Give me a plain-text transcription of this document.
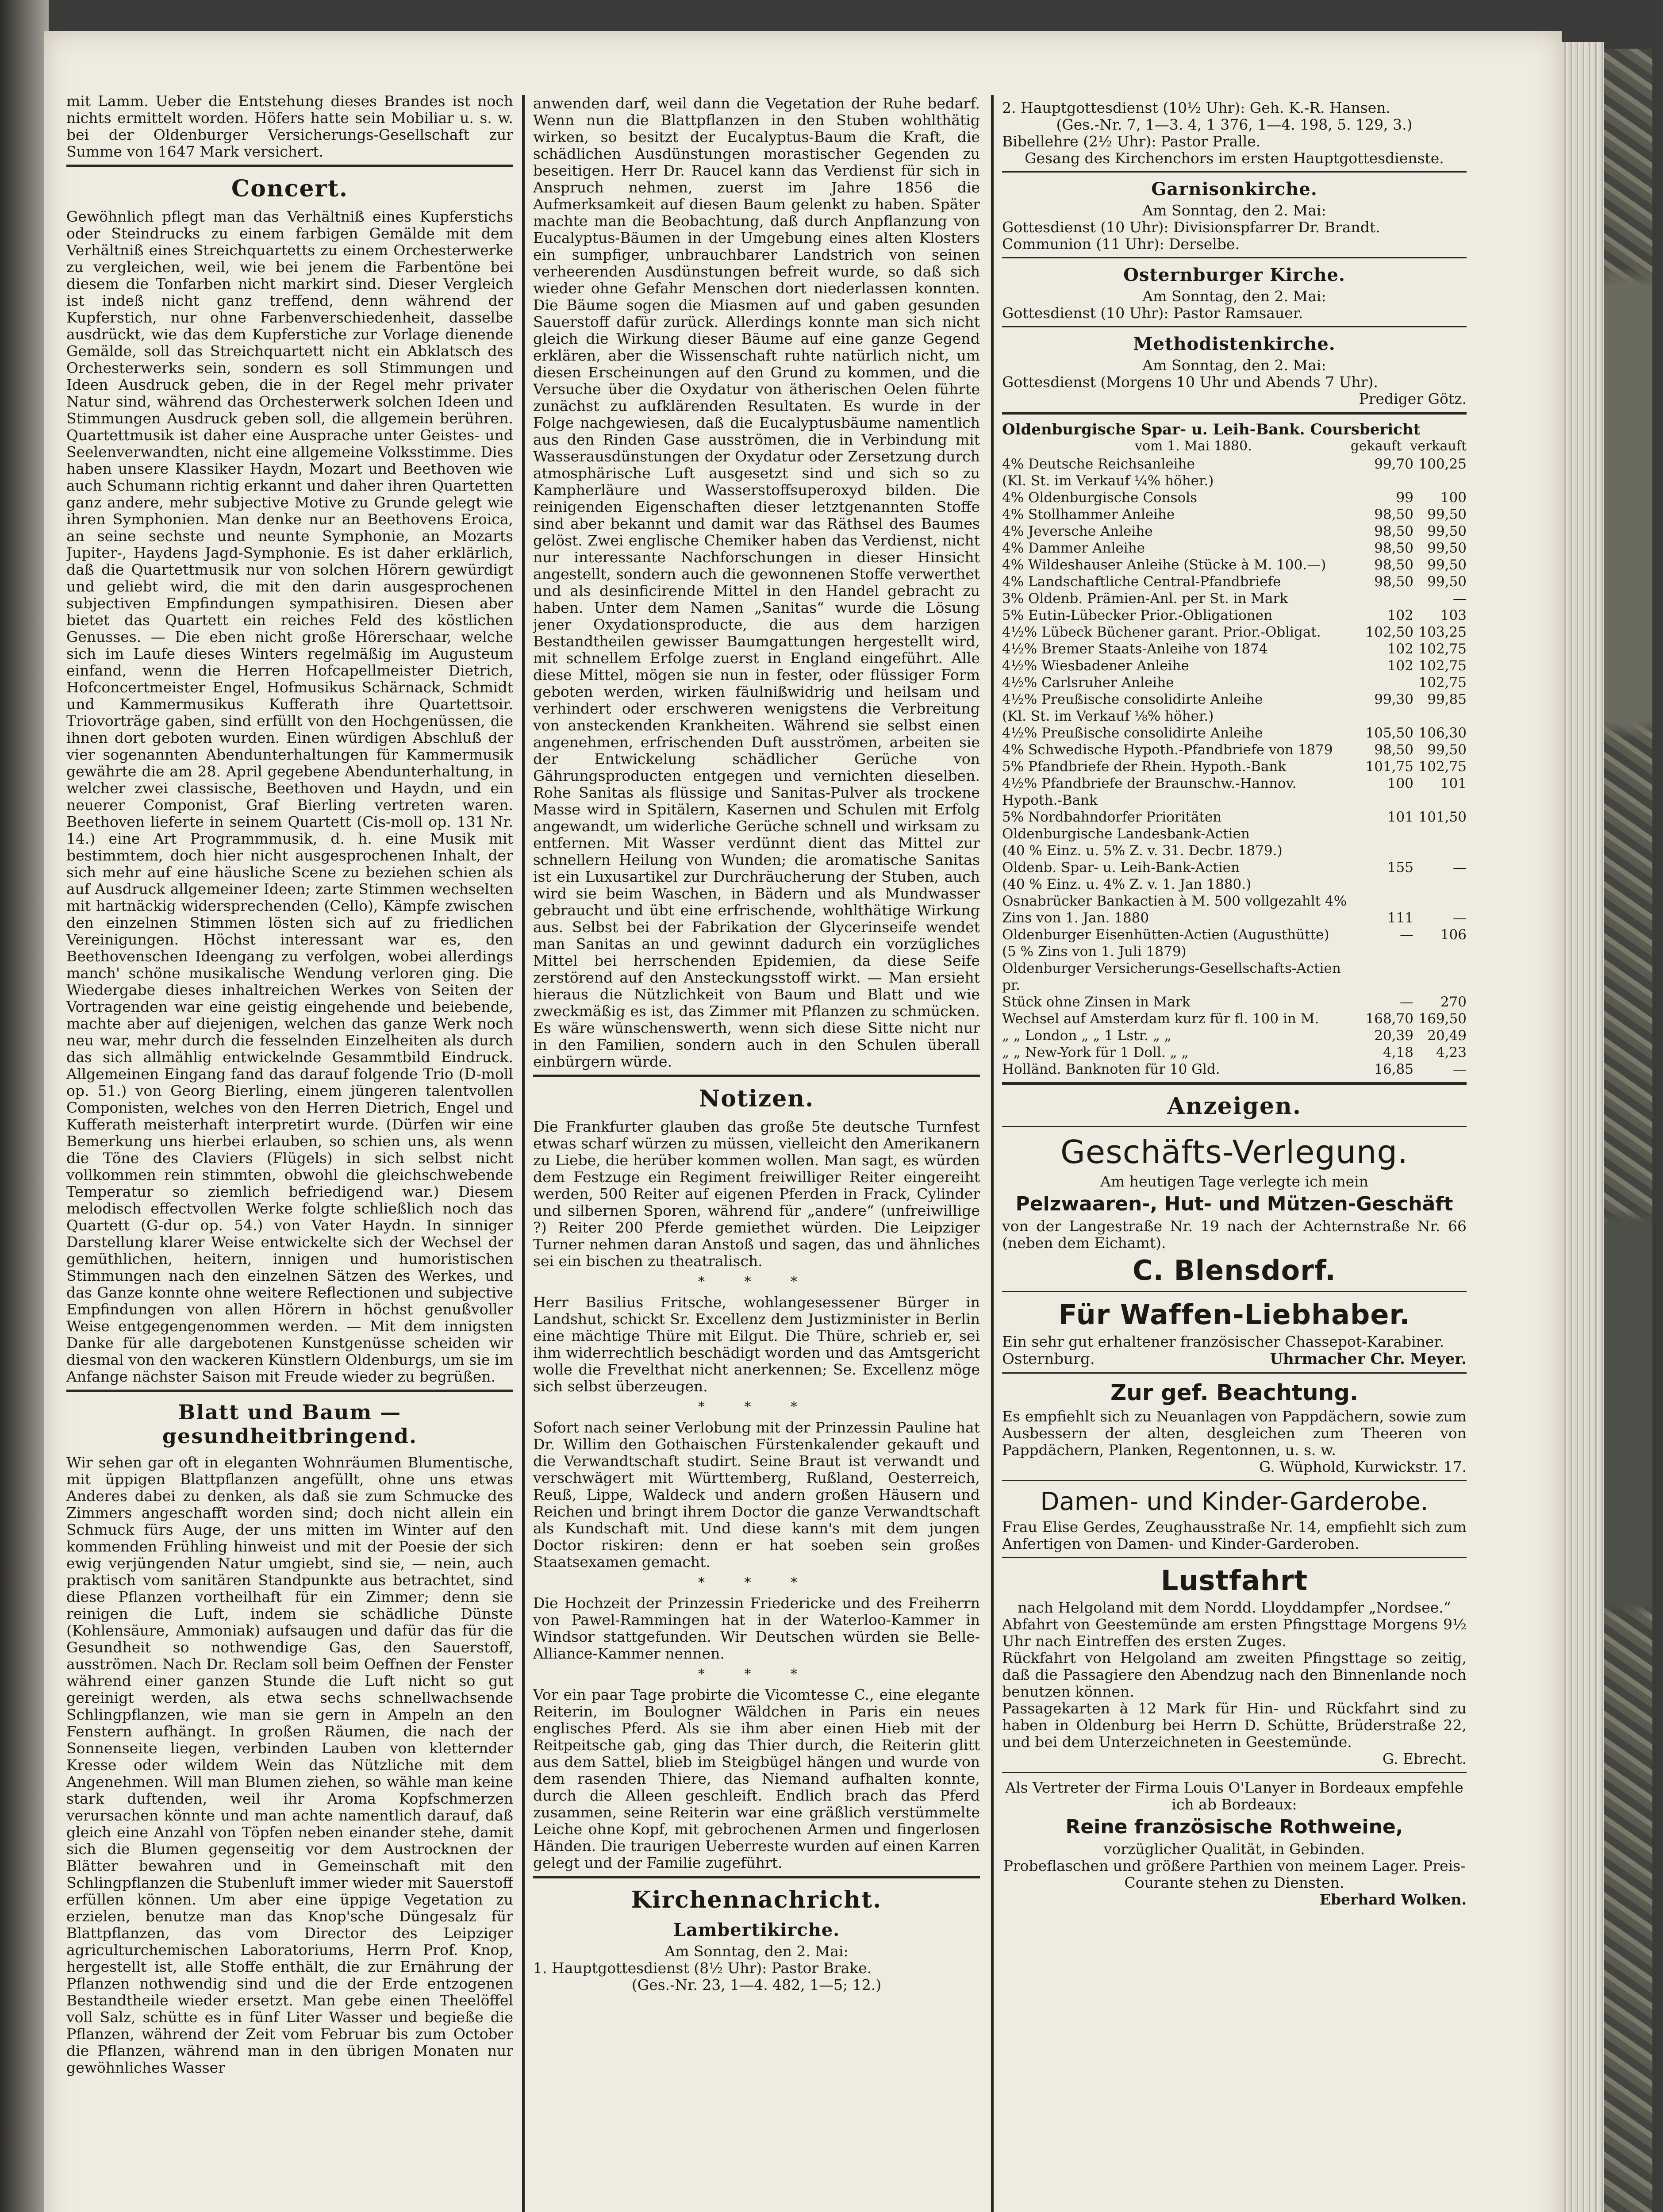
mit Lamm. Ueber die Entstehung dieses Brandes ist noch nichts ermittelt worden. Höfers hatte sein Mobiliar u. s. w. bei der Oldenburger Versicherungs-Gesellschaft zur Summe von 1647 Mark versichert.

Concert.

Gewöhnlich pflegt man das Verhältniß eines Kupferstichs oder Steindrucks zu einem farbigen Gemälde mit dem Verhältniß eines Streichquartetts zu einem Orchesterwerke zu vergleichen, weil, wie bei jenem die Farbentöne bei diesem die Tonfarben nicht markirt sind. Dieser Vergleich ist indeß nicht ganz treffend, denn während der Kupferstich, nur ohne Farbenverschiedenheit, dasselbe ausdrückt, wie das dem Kupferstiche zur Vorlage dienende Gemälde, soll das Streichquartett nicht ein Abklatsch des Orchesterwerks sein, sondern es soll Stimmungen und Ideen Ausdruck geben, die in der Regel mehr privater Natur sind, während das Orchesterwerk solchen Ideen und Stimmungen Ausdruck geben soll, die allgemein berühren. Quartettmusik ist daher eine Ausprache unter Geistes- und Seelenverwandten, nicht eine allgemeine Volksstimme. Dies haben unsere Klassiker Haydn, Mozart und Beethoven wie auch Schumann richtig erkannt und daher ihren Quartetten ganz andere, mehr subjective Motive zu Grunde gelegt wie ihren Symphonien. Man denke nur an Beethovens Eroica, an seine sechste und neunte Symphonie, an Mozarts Jupiter-, Haydens Jagd-Symphonie. Es ist daher erklärlich, daß die Quartettmusik nur von solchen Hörern gewürdigt und geliebt wird, die mit den darin ausgesprochenen subjectiven Empfindungen sympathisiren. Diesen aber bietet das Quartett ein reiches Feld des köstlichen Genusses. — Die eben nicht große Hörerschaar, welche sich im Laufe dieses Winters regelmäßig im Augusteum einfand, wenn die Herren Hofcapellmeister Dietrich, Hofconcertmeister Engel, Hofmusikus Schärnack, Schmidt und Kammermusikus Kufferath ihre Quartettsoir. Triovorträge gaben, sind erfüllt von den Hochgenüssen, die ihnen dort geboten wurden. Einen würdigen Abschluß der vier sogenannten Abendunterhaltungen für Kammermusik gewährte die am 28. April gegebene Abendunterhaltung, in welcher zwei classische, Beethoven und Haydn, und ein neuerer Componist, Graf Bierling vertreten waren. Beethoven lieferte in seinem Quartett (Cis-moll op. 131 Nr. 14.) eine Art Programmmusik, d. h. eine Musik mit bestimmtem, doch hier nicht ausgesprochenen Inhalt, der sich mehr auf eine häusliche Scene zu beziehen schien als auf Ausdruck allgemeiner Ideen; zarte Stimmen wechselten mit hartnäckig widersprechenden (Cello), Kämpfe zwischen den einzelnen Stimmen lösten sich auf zu friedlichen Vereinigungen. Höchst interessant war es, den Beethovenschen Ideengang zu verfolgen, wobei allerdings manch' schöne musikalische Wendung verloren ging. Die Wiedergabe dieses inhaltreichen Werkes von Seiten der Vortragenden war eine geistig eingehende und beiebende, machte aber auf diejenigen, welchen das ganze Werk noch neu war, mehr durch die fesselnden Einzelheiten als durch das sich allmählig entwickelnde Gesammtbild Eindruck. Allgemeinen Eingang fand das darauf folgende Trio (D-moll op. 51.) von Georg Bierling, einem jüngeren talentvollen Componisten, welches von den Herren Dietrich, Engel und Kufferath meisterhaft interpretirt wurde. (Dürfen wir eine Bemerkung uns hierbei erlauben, so schien uns, als wenn die Töne des Claviers (Flügels) in sich selbst nicht vollkommen rein stimmten, obwohl die gleichschwebende Temperatur so ziemlich befriedigend war.) Diesem melodisch effectvollen Werke folgte schließlich noch das Quartett (G-dur op. 54.) von Vater Haydn. In sinniger Darstellung klarer Weise entwickelte sich der Wechsel der gemüthlichen, heitern, innigen und humoristischen Stimmungen nach den einzelnen Sätzen des Werkes, und das Ganze konnte ohne weitere Reflectionen und subjective Empfindungen von allen Hörern in höchst genußvoller Weise entgegengenommen werden. — Mit dem innigsten Danke für alle dargebotenen Kunstgenüsse scheiden wir diesmal von den wackeren Künstlern Oldenburgs, um sie im Anfange nächster Saison mit Freude wieder zu begrüßen.

Blatt und Baum — gesundheitbringend.

Wir sehen gar oft in eleganten Wohnräumen Blumentische, mit üppigen Blattpflanzen angefüllt, ohne uns etwas Anderes dabei zu denken, als daß sie zum Schmucke des Zimmers angeschafft worden sind; doch nicht allein ein Schmuck fürs Auge, der uns mitten im Winter auf den kommenden Frühling hinweist und mit der Poesie der sich ewig verjüngenden Natur umgiebt, sind sie, — nein, auch praktisch vom sanitären Standpunkte aus betrachtet, sind diese Pflanzen vortheilhaft für ein Zimmer; denn sie reinigen die Luft, indem sie schädliche Dünste (Kohlensäure, Ammoniak) aufsaugen und dafür das für die Gesundheit so nothwendige Gas, den Sauerstoff, ausströmen. Nach Dr. Reclam soll beim Oeffnen der Fenster während einer ganzen Stunde die Luft nicht so gut gereinigt werden, als etwa sechs schnellwachsende Schlingpflanzen, wie man sie gern in Ampeln an den Fenstern aufhängt. In großen Räumen, die nach der Sonnenseite liegen, verbinden Lauben von kletternder Kresse oder wildem Wein das Nützliche mit dem Angenehmen. Will man Blumen ziehen, so wähle man keine stark duftenden, weil ihr Aroma Kopfschmerzen verursachen könnte und man achte namentlich darauf, daß gleich eine Anzahl von Töpfen neben einander stehe, damit sich die Blumen gegenseitig vor dem Austrocknen der Blätter bewahren und in Gemeinschaft mit den Schlingpflanzen die Stubenluft immer wieder mit Sauerstoff erfüllen können. Um aber eine üppige Vegetation zu erzielen, benutze man das Knop'sche Düngesalz für Blattpflanzen, das vom Director des Leipziger agriculturchemischen Laboratoriums, Herrn Prof. Knop, hergestellt ist, alle Stoffe enthält, die zur Ernährung der Pflanzen nothwendig sind und die der Erde entzogenen Bestandtheile wieder ersetzt. Man gebe einen Theelöffel voll Salz, schütte es in fünf Liter Wasser und begieße die Pflanzen, während der Zeit vom Februar bis zum October die Pflanzen, während man in den übrigen Monaten nur gewöhnliches Wasser

anwenden darf, weil dann die Vegetation der Ruhe bedarf. Wenn nun die Blattpflanzen in den Stuben wohlthätig wirken, so besitzt der Eucalyptus-Baum die Kraft, die schädlichen Ausdünstungen morastischer Gegenden zu beseitigen. Herr Dr. Raucel kann das Verdienst für sich in Anspruch nehmen, zuerst im Jahre 1856 die Aufmerksamkeit auf diesen Baum gelenkt zu haben. Später machte man die Beobachtung, daß durch Anpflanzung von Eucalyptus-Bäumen in der Umgebung eines alten Klosters ein sumpfiger, unbrauchbarer Landstrich von seinen verheerenden Ausdünstungen befreit wurde, so daß sich wieder ohne Gefahr Menschen dort niederlassen konnten. Die Bäume sogen die Miasmen auf und gaben gesunden Sauerstoff dafür zurück. Allerdings konnte man sich nicht gleich die Wirkung dieser Bäume auf eine ganze Gegend erklären, aber die Wissenschaft ruhte natürlich nicht, um diesen Erscheinungen auf den Grund zu kommen, und die Versuche über die Oxydatur von ätherischen Oelen führte zunächst zu aufklärenden Resultaten. Es wurde in der Folge nachgewiesen, daß die Eucalyptusbäume namentlich aus den Rinden Gase ausströmen, die in Verbindung mit Wasserausdünstungen der Oxydatur oder Zersetzung durch atmosphärische Luft ausgesetzt sind und sich so zu Kampherläure und Wasserstoffsuperoxyd bilden. Die reinigenden Eigenschaften dieser letztgenannten Stoffe sind aber bekannt und damit war das Räthsel des Baumes gelöst. Zwei englische Chemiker haben das Verdienst, nicht nur interessante Nachforschungen in dieser Hinsicht angestellt, sondern auch die gewonnenen Stoffe verwerthet und als desinficirende Mittel in den Handel gebracht zu haben. Unter dem Namen „Sanitas“ wurde die Lösung jener Oxydationsproducte, die aus dem harzigen Bestandtheilen gewisser Baumgattungen hergestellt wird, mit schnellem Erfolge zuerst in England eingeführt. Alle diese Mittel, mögen sie nun in fester, oder flüssiger Form geboten werden, wirken fäulnißwidrig und heilsam und verhindert oder erschweren wenigstens die Verbreitung von ansteckenden Krankheiten. Während sie selbst einen angenehmen, erfrischenden Duft ausströmen, arbeiten sie der Entwickelung schädlicher Gerüche von Gährungsproducten entgegen und vernichten dieselben. Rohe Sanitas als flüssige und Sanitas-Pulver als trockene Masse wird in Spitälern, Kasernen und Schulen mit Erfolg angewandt, um widerliche Gerüche schnell und wirksam zu entfernen. Mit Wasser verdünnt dient das Mittel zur schnellern Heilung von Wunden; die aromatische Sanitas ist ein Luxusartikel zur Durchräucherung der Stuben, auch wird sie beim Waschen, in Bädern und als Mundwasser gebraucht und übt eine erfrischende, wohlthätige Wirkung aus. Selbst bei der Fabrikation der Glycerinseife wendet man Sanitas an und gewinnt dadurch ein vorzügliches Mittel bei herrschenden Epidemien, da diese Seife zerstörend auf den Ansteckungsstoff wirkt. — Man ersieht hieraus die Nützlichkeit von Baum und Blatt und wie zweckmäßig es ist, das Zimmer mit Pflanzen zu schmücken. Es wäre wünschenswerth, wenn sich diese Sitte nicht nur in den Familien, sondern auch in den Schulen überall einbürgern würde.

Notizen.

Die Frankfurter glauben das große 5te deutsche Turnfest etwas scharf würzen zu müssen, vielleicht den Amerikanern zu Liebe, die herüber kommen wollen. Man sagt, es würden dem Festzuge ein Regiment freiwilliger Reiter eingereiht werden, 500 Reiter auf eigenen Pferden in Frack, Cylinder und silbernen Sporen, während für „andere“ (unfreiwillige ?) Reiter 200 Pferde gemiethet würden. Die Leipziger Turner nehmen daran Anstoß und sagen, das und ähnliches sei ein bischen zu theatralisch.

* * *

Herr Basilius Fritsche, wohlangesessener Bürger in Landshut, schickt Sr. Excellenz dem Justizminister in Berlin eine mächtige Thüre mit Eilgut. Die Thüre, schrieb er, sei ihm widerrechtlich beschädigt worden und das Amtsgericht wolle die Frevelthat nicht anerkennen; Se. Excellenz möge sich selbst überzeugen.

* * *

Sofort nach seiner Verlobung mit der Prinzessin Pauline hat Dr. Willim den Gothaischen Fürstenkalender gekauft und die Verwandtschaft studirt. Seine Braut ist verwandt und verschwägert mit Württemberg, Rußland, Oesterreich, Reuß, Lippe, Waldeck und andern großen Häusern und Reichen und bringt ihrem Doctor die ganze Verwandtschaft als Kundschaft mit. Und diese kann's mit dem jungen Doctor riskiren: denn er hat soeben sein großes Staatsexamen gemacht.

* * *

Die Hochzeit der Prinzessin Friedericke und des Freiherrn von Pawel-Rammingen hat in der Waterloo-Kammer in Windsor stattgefunden. Wir Deutschen würden sie Belle-Alliance-Kammer nennen.

* * *

Vor ein paar Tage probirte die Vicomtesse C., eine elegante Reiterin, im Boulogner Wäldchen in Paris ein neues englisches Pferd. Als sie ihm aber einen Hieb mit der Reitpeitsche gab, ging das Thier durch, die Reiterin glitt aus dem Sattel, blieb im Steigbügel hängen und wurde von dem rasenden Thiere, das Niemand aufhalten konnte, durch die Alleen geschleift. Endlich brach das Pferd zusammen, seine Reiterin war eine gräßlich verstümmelte Leiche ohne Kopf, mit gebrochenen Armen und fingerlosen Händen. Die traurigen Ueberreste wurden auf einen Karren gelegt und der Familie zugeführt.

Kirchennachricht.
Lambertikirche.

Am Sonntag, den 2. Mai:

1. Hauptgottesdienst (8½ Uhr): Pastor Brake.

(Ges.-Nr. 23, 1—4. 482, 1—5; 12.)

2. Hauptgottesdienst (10½ Uhr): Geh. K.-R. Hansen.

(Ges.-Nr. 7, 1—3. 4, 1 376, 1—4. 198, 5. 129, 3.)

Bibellehre (2½ Uhr): Pastor Pralle.

Gesang des Kirchenchors im ersten Hauptgottesdienste.

Garnisonkirche.

Am Sonntag, den 2. Mai:

Gottesdienst (10 Uhr): Divisionspfarrer Dr. Brandt.

Communion (11 Uhr): Derselbe.

Osternburger Kirche.

Am Sonntag, den 2. Mai:

Gottesdienst (10 Uhr): Pastor Ramsauer.

Methodistenkirche.

Am Sonntag, den 2. Mai:

Gottesdienst (Morgens 10 Uhr und Abends 7 Uhr).

Prediger Götz.

Oldenburgische Spar- u. Leih-Bank. Coursbericht
vom 1. Mai 1880.	gekauft verkauft
4% Deutsche Reichsanleihe	99,70	100,25
(Kl. St. im Verkauf ¼% höher.)		
4% Oldenburgische Consols	99	100
4% Stollhammer Anleihe	98,50	99,50
4% Jeversche Anleihe	98,50	99,50
4% Dammer Anleihe	98,50	99,50
4% Wildeshauser Anleihe (Stücke à M. 100.—)	98,50	99,50
4% Landschaftliche Central-Pfandbriefe	98,50	99,50
3% Oldenb. Prämien-Anl. per St. in Mark		—
5% Eutin-Lübecker Prior.-Obligationen	102	103
4½% Lübeck Büchener garant. Prior.-Obligat.	102,50	103,25
4½% Bremer Staats-Anleihe von 1874	102	102,75
4½% Wiesbadener Anleihe	102	102,75
4½% Carlsruher Anleihe		102,75
4½% Preußische consolidirte Anleihe	99,30	99,85
(Kl. St. im Verkauf ⅛% höher.)		
4½% Preußische consolidirte Anleihe	105,50	106,30
4% Schwedische Hypoth.-Pfandbriefe von 1879	98,50	99,50
5% Pfandbriefe der Rhein. Hypoth.-Bank	101,75	102,75
4½% Pfandbriefe der Braunschw.-Hannov. Hypoth.-Bank	100	101
5% Nordbahndorfer Prioritäten	101	101,50
Oldenburgische Landesbank-Actien		
(40 % Einz. u. 5% Z. v. 31. Decbr. 1879.)		
Oldenb. Spar- u. Leih-Bank-Actien	155	—
(40 % Einz. u. 4% Z. v. 1. Jan 1880.)		
Osnabrücker Bankactien à M. 500 vollgezahlt 4%		
Zins von 1. Jan. 1880	111	—
Oldenburger Eisenhütten-Actien (Augusthütte)	—	106
(5 % Zins von 1. Juli 1879)		
Oldenburger Versicherungs-Gesellschafts-Actien pr.		
Stück ohne Zinsen in Mark	—	270
Wechsel auf Amsterdam kurz für fl. 100 in M.	168,70	169,50
„ „ London „ „ 1 Lstr. „ „	20,39	20,49
„ „ New-York für 1 Doll. „ „	4,18	4,23
Holländ. Banknoten für 10 Gld.	16,85	—
Anzeigen.
Geschäfts-Verlegung.

Am heutigen Tage verlegte ich mein

Pelzwaaren-, Hut- und Mützen-Geschäft

von der Langestraße Nr. 19 nach der Achternstraße Nr. 66 (neben dem Eichamt).

C. Blensdorf.
Für Waffen-Liebhaber.

Ein sehr gut erhaltener französischer Chassepot-Karabiner.

Osternburg.	Uhrmacher Chr. Meyer.
Zur gef. Beachtung.

Es empfiehlt sich zu Neuanlagen von Pappdächern, sowie zum Ausbessern der alten, desgleichen zum Theeren von Pappdächern, Planken, Regentonnen, u. s. w.

G. Wüphold, Kurwickstr. 17.

Damen- und Kinder-Garderobe.

Frau Elise Gerdes, Zeughausstraße Nr. 14, empfiehlt sich zum Anfertigen von Damen- und Kinder-Garderoben.

Lustfahrt

nach Helgoland mit dem Nordd. Lloyddampfer „Nordsee.“

Abfahrt von Geestemünde am ersten Pfingsttage Morgens 9½ Uhr nach Eintreffen des ersten Zuges.

Rückfahrt von Helgoland am zweiten Pfingsttage so zeitig, daß die Passagiere den Abendzug nach den Binnenlande noch benutzen können.

Passagekarten à 12 Mark für Hin- und Rückfahrt sind zu haben in Oldenburg bei Herrn D. Schütte, Brüderstraße 22, und bei dem Unterzeichneten in Geestemünde.

G. Ebrecht.

Als Vertreter der Firma Louis O'Lanyer in Bordeaux empfehle ich ab Bordeaux:

Reine französische Rothweine,

vorzüglicher Qualität, in Gebinden.

Probeflaschen und größere Parthien von meinem Lager. Preis-Courante stehen zu Diensten.

Eberhard Wolken.
